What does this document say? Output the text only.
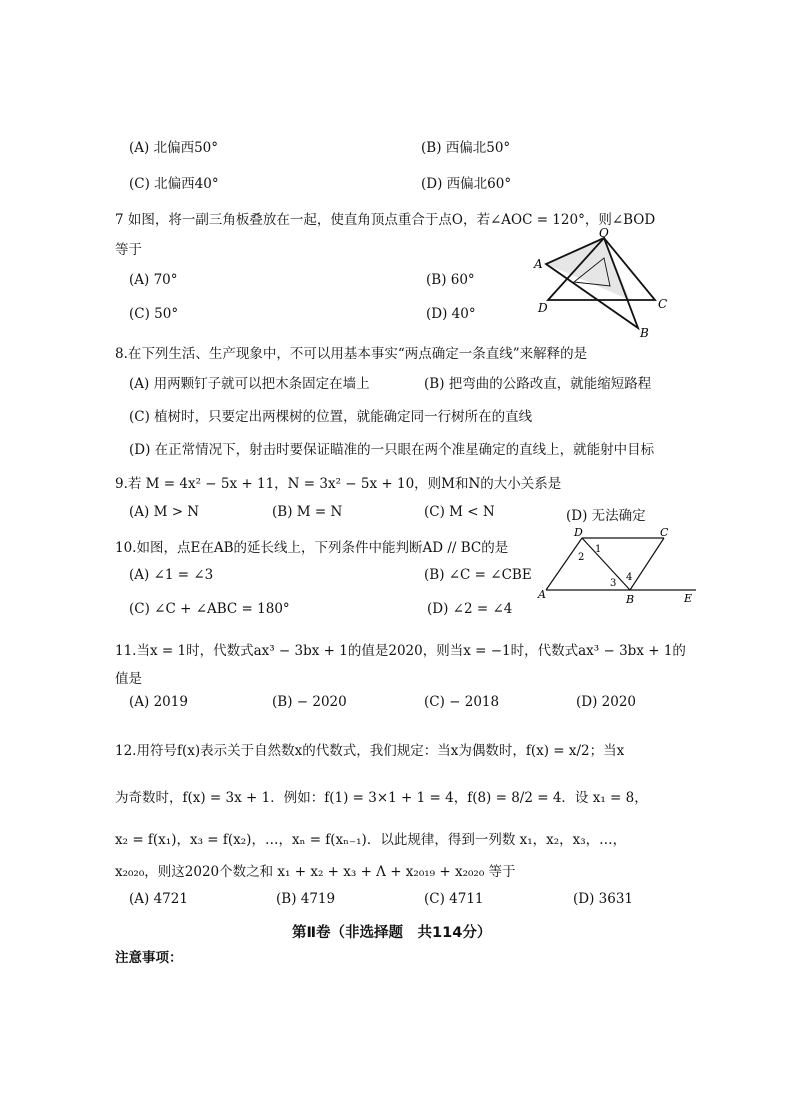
(A) 北偏西50°	(B) 西偏北50°
(C) 北偏西40°	(D) 西偏北60°
7 如图，将一副三角板叠放在一起，使直角顶点重合于点O，若∠AOC = 120°，则∠BOD
等于
(A) 70°	(B) 60°
(C) 50°	(D) 40°
O
A
D	C
B
8.在下列生活、生产现象中，不可以用基本事实“两点确定一条直线”来解释的是
(A) 用两颗钉子就可以把木条固定在墙上	(B) 把弯曲的公路改直，就能缩短路程
(C) 植树时，只要定出两棵树的位置，就能确定同一行树所在的直线
(D) 在正常情况下，射击时要保证瞄准的一只眼在两个准星确定的直线上，就能射中目标
9.若 M = 4x² − 5x + 11，N = 3x² − 5x + 10，则M和N的大小关系是
(A) M > N	(B) M = N	(C) M < N	(D) 无法确定
10.如图，点E在AB的延长线上，下列条件中能判断AD // BC的是
(A) ∠1 = ∠3	(B) ∠C = ∠CBE
(C) ∠C + ∠ABC = 180°	(D) ∠2 = ∠4
D	C
A	B	E
1
2
3
4
11.当x = 1时，代数式ax³ − 3bx + 1的值是2020，则当x = −1时，代数式ax³ − 3bx + 1的
值是
(A) 2019	(B) − 2020	(C) − 2018	(D) 2020
12.用符号f(x)表示关于自然数x的代数式，我们规定：当x为偶数时，f(x) = x/2；当x
为奇数时，f(x) = 3x + 1．例如：f(1) = 3×1 + 1 = 4，f(8) = 8/2 = 4．设 x₁ = 8，
x₂ = f(x₁)，x₃ = f(x₂)，…，xₙ = f(xₙ₋₁)．以此规律，得到一列数 x₁，x₂，x₃，…，
x₂₀₂₀，则这2020个数之和 x₁ + x₂ + x₃ + Λ + x₂₀₁₉ + x₂₀₂₀ 等于
(A) 4721	(B) 4719	(C) 4711	(D) 3631
第Ⅱ卷（非选择题　共114分）
注意事项：
